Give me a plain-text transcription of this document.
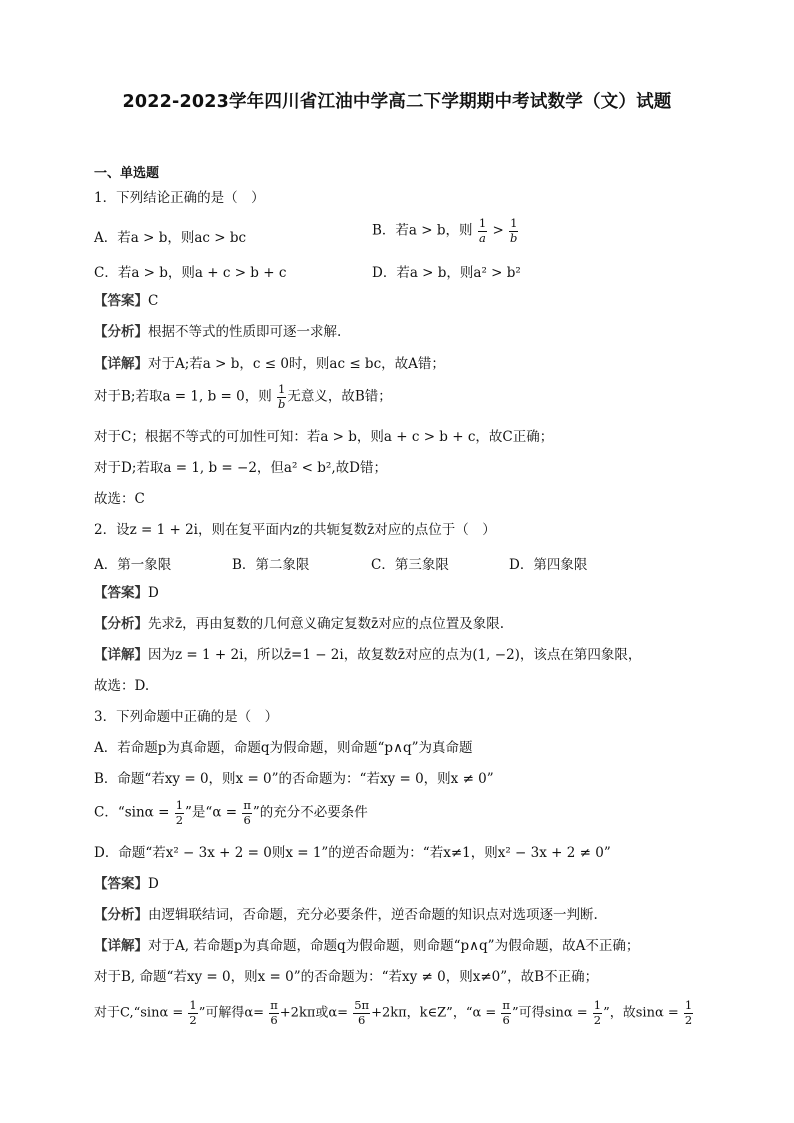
2022-2023学年四川省江油中学高二下学期期中考试数学（文）试题
一、单选题
1．下列结论正确的是（　）
A．若a > b，则ac > bc	B．若a > b，则 $\frac{1}{a} > \frac{1}{b}$
C．若a > b，则a + c > b + c	D．若a > b，则a² > b²
【答案】C
【分析】根据不等式的性质即可逐一求解.
【详解】对于A;若a > b，c ≤ 0时，则ac ≤ bc，故A错；
对于B;若取a = 1, b = 0，则 $\frac{1}{b}$ 无意义，故B错；
对于C；根据不等式的可加性可知：若a > b，则a + c > b + c，故C正确；
对于D;若取a = 1, b = −2，但a² < b²,故D错；
故选：C
2．设z = 1 + 2i，则在复平面内z的共轭复数z̄对应的点位于（　）
A．第一象限	B．第二象限	C．第三象限	D．第四象限
【答案】D
【分析】先求z̄，再由复数的几何意义确定复数z̄对应的点位置及象限.
【详解】因为z = 1 + 2i，所以z̄=1 − 2i，故复数z̄对应的点为(1, −2)，该点在第四象限，
故选：D.
3．下列命题中正确的是（　）
A．若命题p为真命题，命题q为假命题，则命题“p∧q”为真命题
B．命题“若xy = 0，则x = 0”的否命题为：“若xy = 0，则x ≠ 0”
C．“$\sin\alpha = \frac{1}{2}$ ”是“$\alpha = \frac{\pi}{6}$ ”的充分不必要条件
D．命题“若x² − 3x + 2 = 0则x = 1”的逆否命题为：“若x≠1，则x² − 3x + 2 ≠ 0”
【答案】D
【分析】由逻辑联结词，否命题，充分必要条件，逆否命题的知识点对选项逐一判断.
【详解】对于A, 若命题p为真命题，命题q为假命题，则命题“p∧q”为假命题，故A不正确；
对于B, 命题“若xy = 0，则x = 0”的否命题为：“若xy ≠ 0，则x≠0”，故B不正确；
对于C,“sinα = $\frac{1}{2}$ ”可解得$\alpha= \frac{\pi}{6} +2k\pi$或$\alpha= \frac{5\pi}{6} +2k\pi$，k∈Z”，“$\alpha = \frac{\pi}{6}$ ”可得$\sin\alpha = \frac{1}{2}$ ”，故$\sin\alpha = \frac{1}{2}$
